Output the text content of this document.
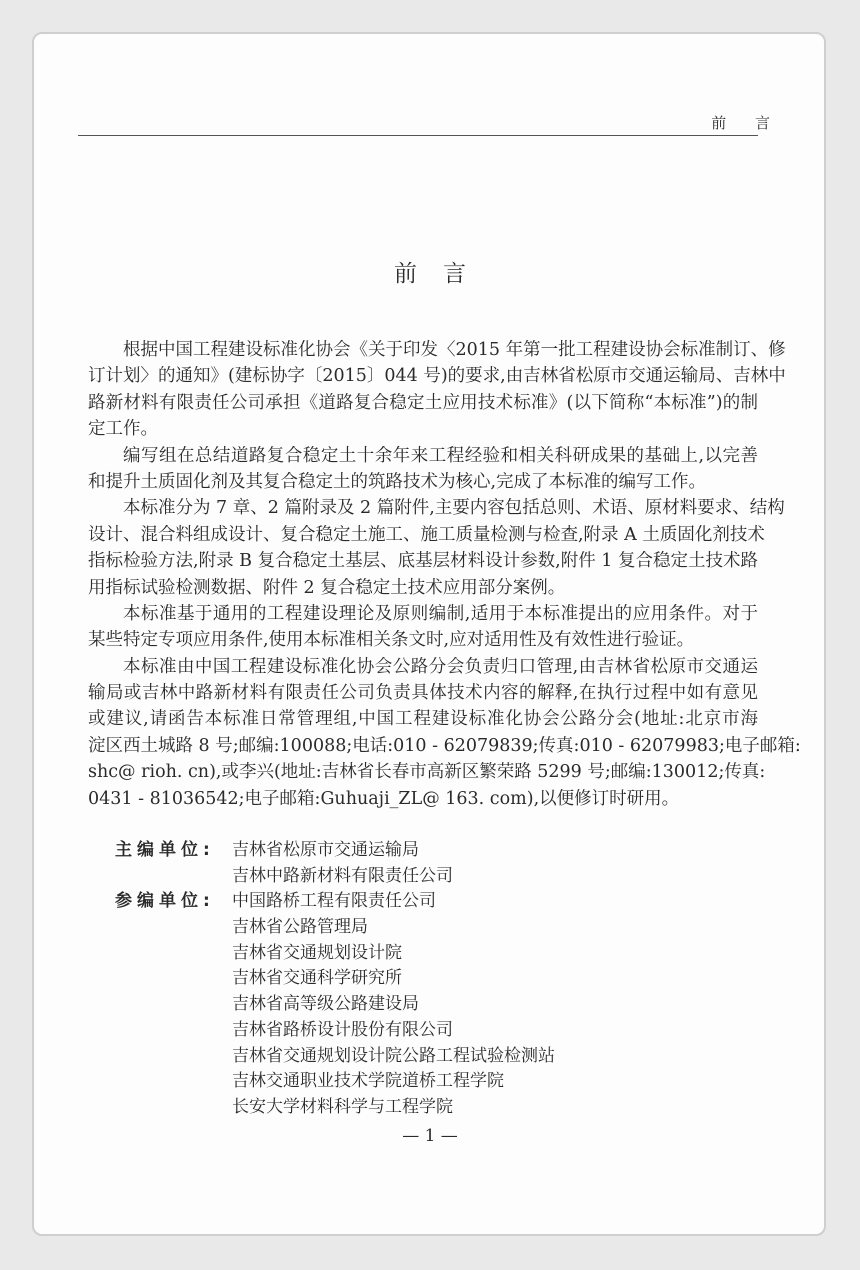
前 言
前言
根据中国工程建设标准化协会《关于印发〈2015 年第一批工程建设协会标准制订、修
订计划〉的通知》(建标协字〔2015〕044 号)的要求,由吉林省松原市交通运输局、吉林中
路新材料有限责任公司承担《道路复合稳定土应用技术标准》(以下简称“本标准”)的制
定工作。
编写组在总结道路复合稳定土十余年来工程经验和相关科研成果的基础上,以完善
和提升土质固化剂及其复合稳定土的筑路技术为核心,完成了本标准的编写工作。
本标准分为 7 章、2 篇附录及 2 篇附件,主要内容包括总则、术语、原材料要求、结构
设计、混合料组成设计、复合稳定土施工、施工质量检测与检查,附录 A 土质固化剂技术
指标检验方法,附录 B 复合稳定土基层、底基层材料设计参数,附件 1 复合稳定土技术路
用指标试验检测数据、附件 2 复合稳定土技术应用部分案例。
本标准基于通用的工程建设理论及原则编制,适用于本标准提出的应用条件。对于
某些特定专项应用条件,使用本标准相关条文时,应对适用性及有效性进行验证。
本标准由中国工程建设标准化协会公路分会负责归口管理,由吉林省松原市交通运
输局或吉林中路新材料有限责任公司负责具体技术内容的解释,在执行过程中如有意见
或建议,请函告本标准日常管理组,中国工程建设标准化协会公路分会(地址:北京市海
淀区西土城路 8 号;邮编:100088;电话:010 - 62079839;传真:010 - 62079983;电子邮箱:
shc@ rioh. cn),或李兴(地址:吉林省长春市高新区繁荣路 5299 号;邮编:130012;传真:
0431 - 81036542;电子邮箱:Guhuaji_ZL@ 163. com),以便修订时研用。
主编单位:	吉林省松原市交通运输局
吉林中路新材料有限责任公司
参编单位:	中国路桥工程有限责任公司
吉林省公路管理局
吉林省交通规划设计院
吉林省交通科学研究所
吉林省高等级公路建设局
吉林省路桥设计股份有限公司
吉林省交通规划设计院公路工程试验检测站
吉林交通职业技术学院道桥工程学院
长安大学材料科学与工程学院
— 1 —
